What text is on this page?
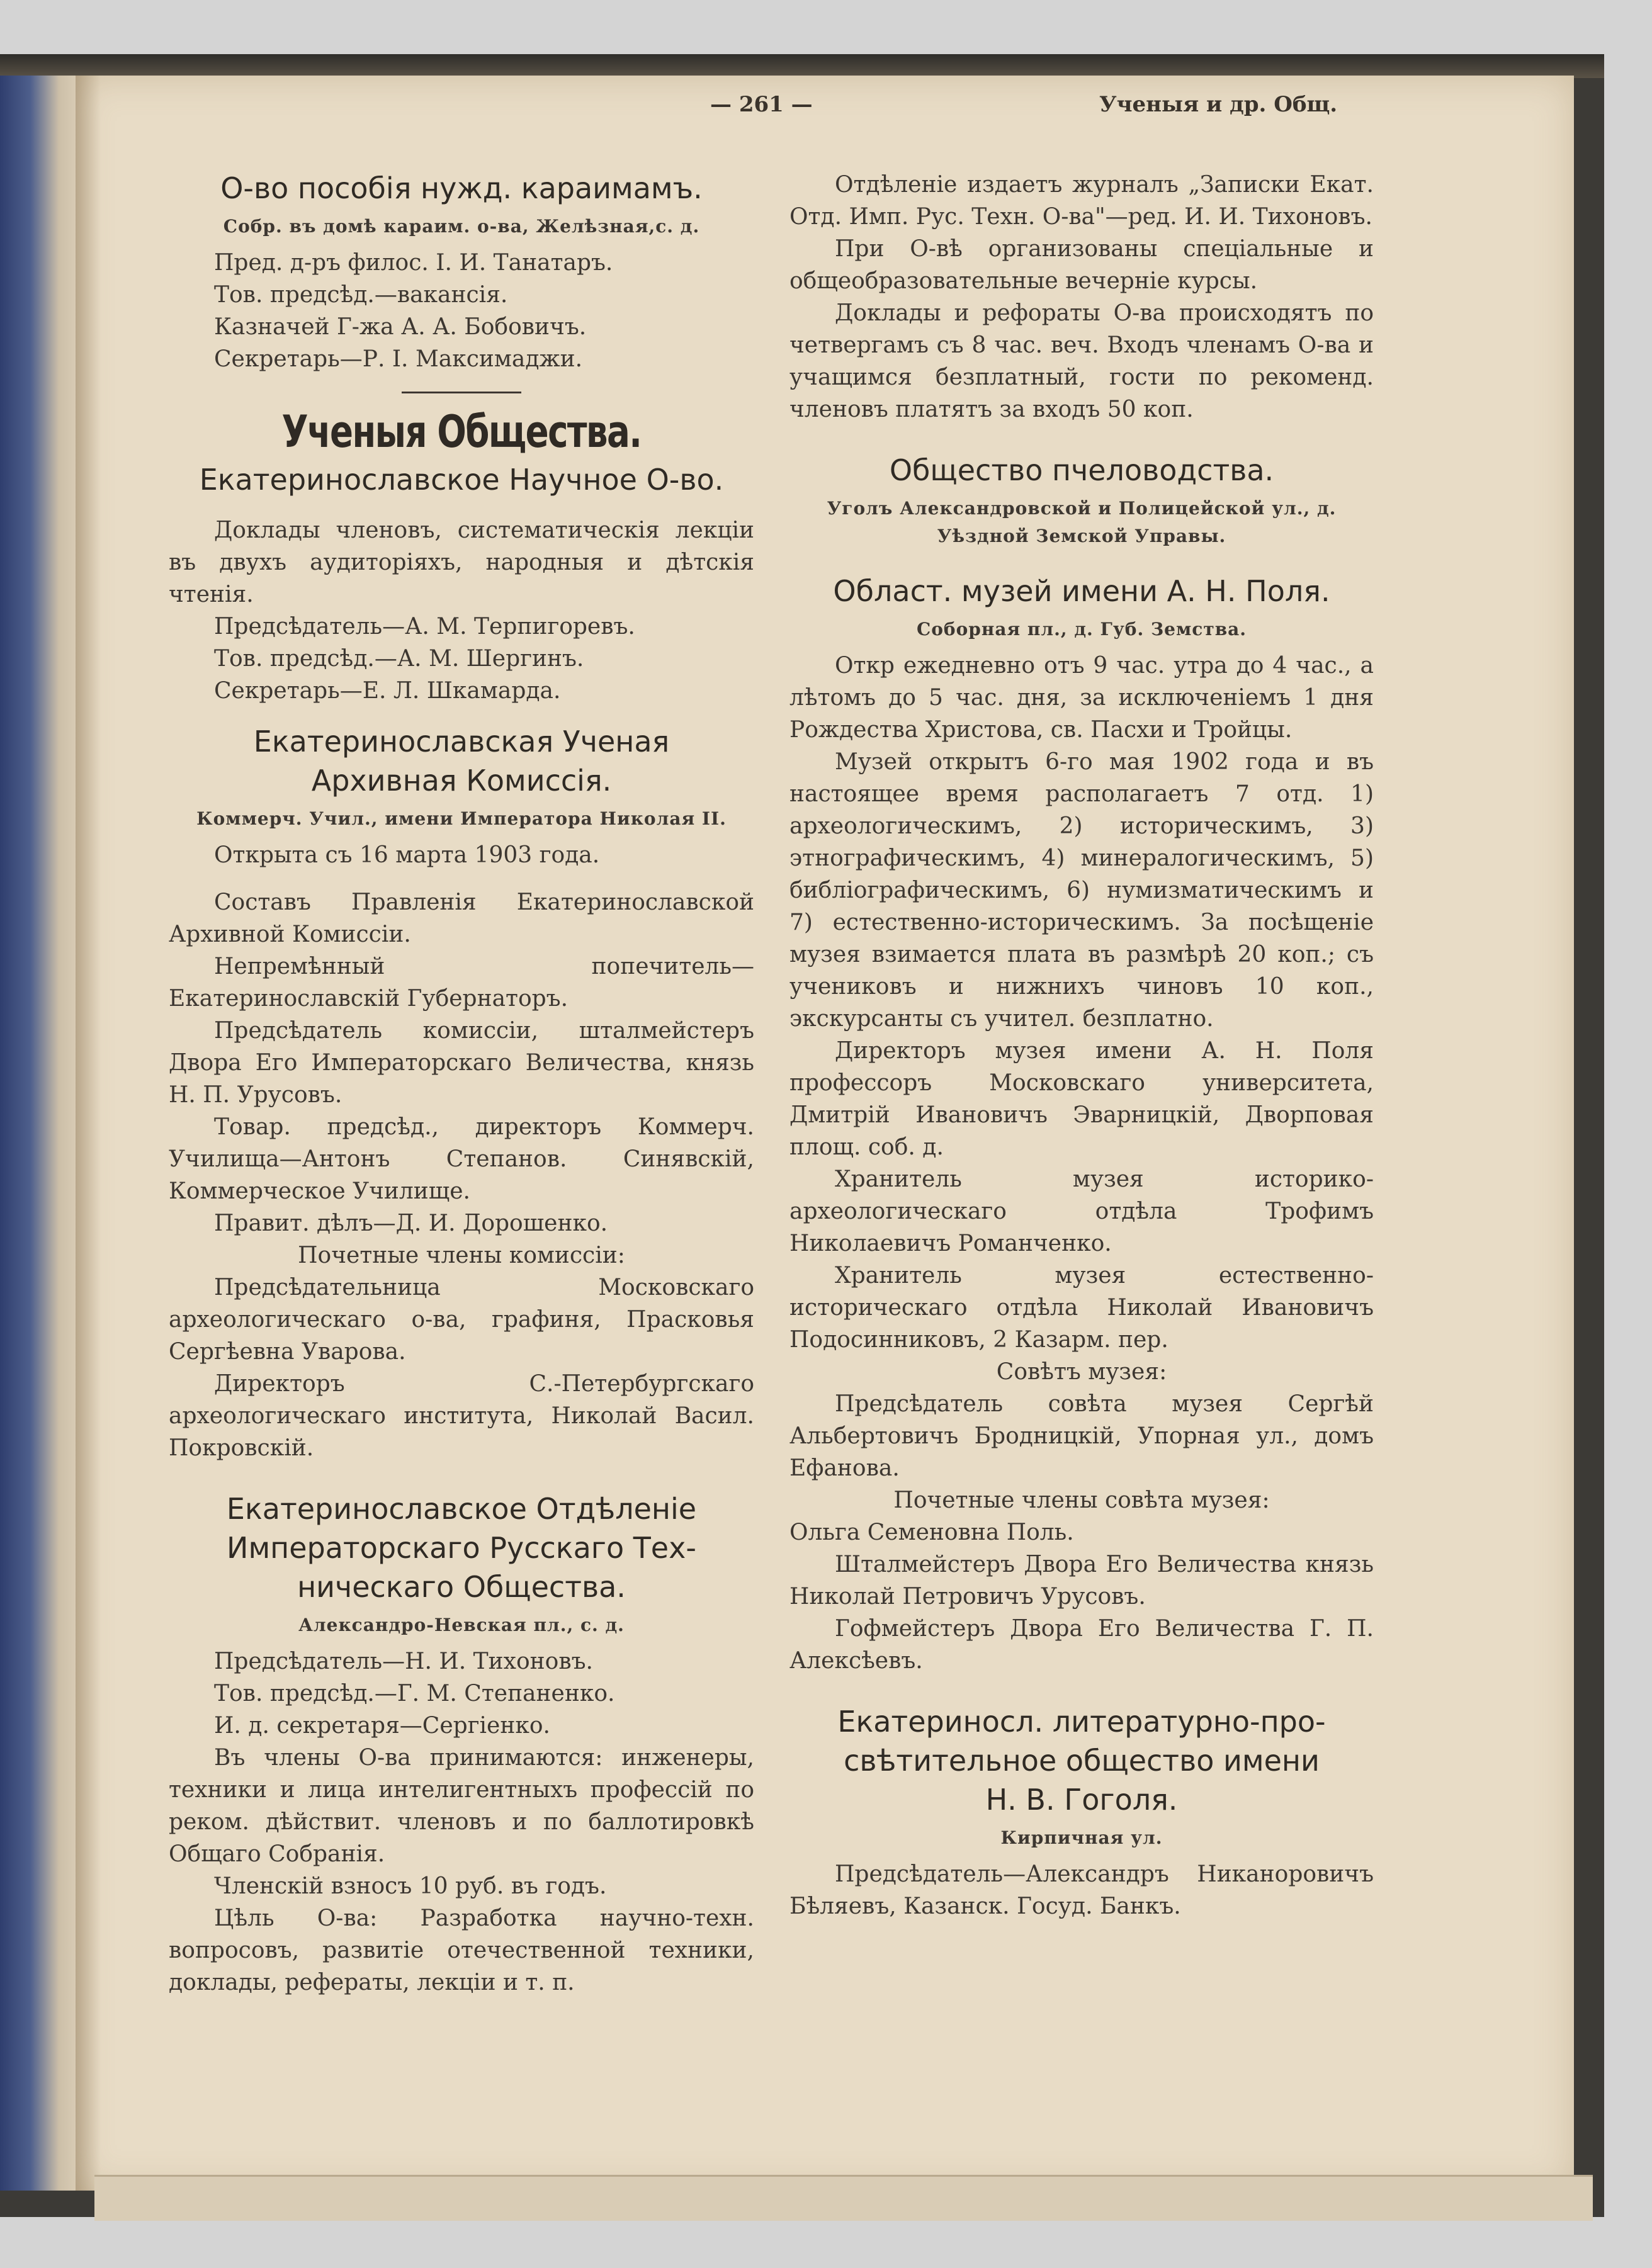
— 261 —	Ученыя и др. Общ.
О-во пособія нужд. караимамъ.
Собр. въ домѣ караим. о-ва, Желѣзная,с. д.

Пред. д-ръ филос. I. И. Танатаръ.

Тов. предсѣд.—вакансія.

Казначей Г-жа А. А. Бобовичъ.

Секретарь—Р. I. Максимаджи.

Ученыя Общества.
Екатеринославское Научное О-во.

Доклады членовъ, систематическія лекціи въ двухъ аудиторіяхъ, народныя и дѣтскія чтенія.

Предсѣдатель—А. М. Терпигоревъ.

Тов. предсѣд.—А. М. Шергинъ.

Секретарь—Е. Л. Шкамарда.

Екатеринославская Ученая
Архивная Комиссія.
Коммерч. Учил., имени Императора Николая II.

Открыта съ 16 марта 1903 года.

Составъ Правленія Екатеринославской Архивной Комиссіи.

Непремѣнный попечитель—Екатеринославскій Губернаторъ.

Предсѣдатель комиссіи, шталмейстеръ Двора Его Императорскаго Величества, князь Н. П. Урусовъ.

Товар. предсѣд., директоръ Коммерч. Училища—Антонъ Степанов. Синявскій, Коммерческое Училище.

Правит. дѣлъ—Д. И. Дорошенко.

Почетные члены комиссіи:

Предсѣдательница Московскаго археологическаго о-ва, графиня, Прасковья Сергѣевна Уварова.

Директоръ С.-Петербургскаго археологическаго института, Николай Васил. Покровскій.

Екатеринославское Отдѣленіе
Императорскаго Русскаго Тех-
ническаго Общества.
Александро-Невская пл., с. д.

Предсѣдатель—Н. И. Тихоновъ.

Тов. предсѣд.—Г. М. Степаненко.

И. д. секретаря—Сергіенко.

Въ члены О-ва принимаются: инженеры, техники и лица интелигентныхъ профессій по реком. дѣйствит. членовъ и по баллотировкѣ Общаго Собранія.

Членскій взносъ 10 руб. въ годъ.

Цѣль О-ва: Разработка научно-техн. вопросовъ, развитіе отечественной техники, доклады, рефераты, лекціи и т. п.

Отдѣленіе издаетъ журналъ „Записки Екат. Отд. Имп. Рус. Техн. О-ва"—ред. И. И. Тихоновъ.

При О-вѣ организованы спеціальные и общеобразовательные вечерніе курсы.

Доклады и рефораты О-ва происходятъ по четвергамъ съ 8 час. веч. Входъ членамъ О-ва и учащимся безплатный, гости по рекоменд. членовъ платятъ за входъ 50 коп.

Общество пчеловодства.
Уголъ Александровской и Полицейской ул., д.
Уѣздной Земской Управы.
Област. музей имени А. Н. Поля.
Соборная пл., д. Губ. Земства.

Откр ежедневно отъ 9 час. утра до 4 час., а лѣтомъ до 5 час. дня, за исключеніемъ 1 дня Рождества Христова, св. Пасхи и Тройцы.

Музей открытъ 6-го мая 1902 года и въ настоящее время располагаетъ 7 отд. 1) археологическимъ, 2) историческимъ, 3) этнографическимъ, 4) минералогическимъ, 5) библіографическимъ, 6) нумизматическимъ и 7) естественно-историческимъ. За посѣщеніе музея взимается плата въ размѣрѣ 20 коп.; съ учениковъ и нижнихъ чиновъ 10 коп., экскурсанты съ учител. безплатно.

Директоръ музея имени А. Н. Поля профессоръ Московскаго университета, Дмитрій Ивановичъ Эварницкій, Дворповая площ. соб. д.

Хранитель музея историко-археологическаго отдѣла Трофимъ Николаевичъ Романченко.

Хранитель музея естественно-историческаго отдѣла Николай Ивановичъ Подосинниковъ, 2 Казарм. пер.

Совѣтъ музея:

Предсѣдатель совѣта музея Сергѣй Альбертовичъ Бродницкій, Упорная ул., домъ Ефанова.

Почетные члены совѣта музея:

Ольга Семеновна Поль.

Шталмейстеръ Двора Его Величества князь Николай Петровичъ Урусовъ.

Гофмейстеръ Двора Его Величества Г. П. Алексѣевъ.

Екатериносл. литературно-про-
свѣтительное общество имени
Н. В. Гоголя.
Кирпичная ул.

Предсѣдатель—Александръ Никаноровичъ Бѣляевъ, Казанск. Госуд. Банкъ.
